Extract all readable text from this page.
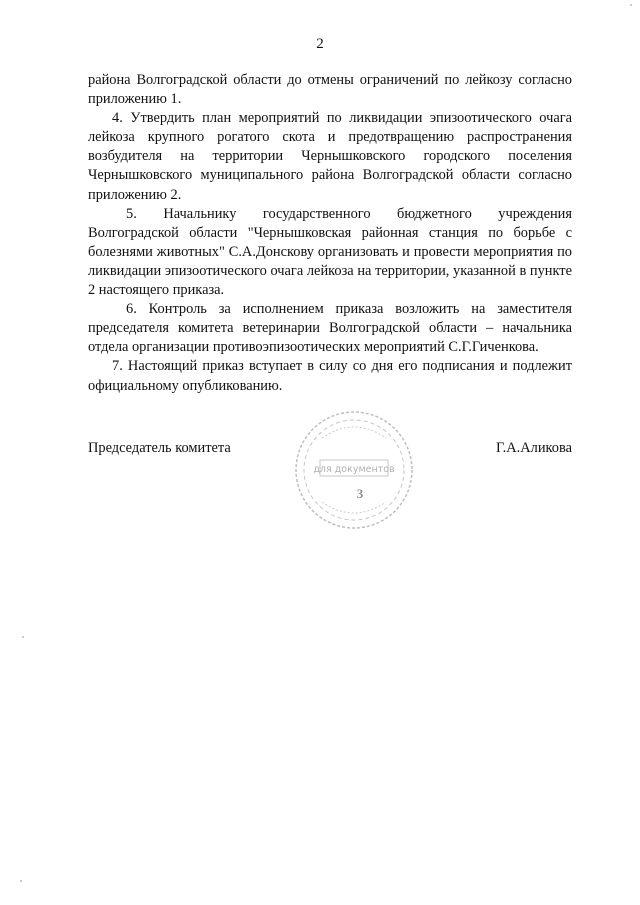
2

района Волгоградской области до отмены ограничений по лейкозу согласно приложению 1.

4. Утвердить план мероприятий по ликвидации эпизоотического очага лейкоза крупного рогатого скота и предотвращению распространения возбудителя на территории Чернышковского городского поселения Чернышковского муниципального района Волгоградской области согласно приложению 2.

5. Начальнику государственного бюджетного учреждения Волгоградской области "Чернышковская районная станция по борьбе с болезнями животных" С.А.Донскову организовать и провести мероприятия по ликвидации эпизоотического очага лейкоза на территории, указанной в пункте 2 настоящего приказа.

6. Контроль за исполнением приказа возложить на заместителя председателя комитета ветеринарии Волгоградской области – начальника отдела организации противоэпизоотических мероприятий С.Г.Гиченкова.

7. Настоящий приказ вступает в силу со дня его подписания и подлежит официальному опубликованию.

Председатель комитета	Г.А.Аликова
для документов
3
